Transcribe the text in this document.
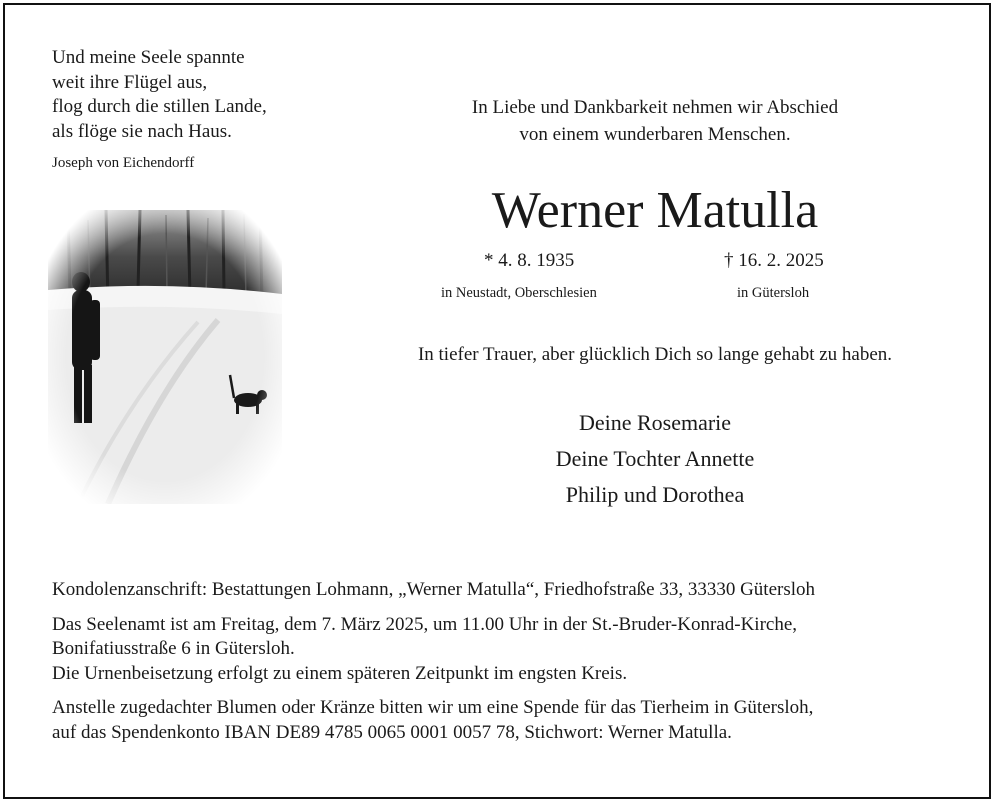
Und meine Seele spannte
weit ihre Flügel aus,
flog durch die stillen Lande,
als flöge sie nach Haus.
Joseph von Eichendorff
In Liebe und Dankbarkeit nehmen wir Abschied
von einem wunderbaren Menschen.
Werner Matulla
* 4. 8. 1935	† 16. 2. 2025
in Neustadt, Oberschlesien	in Gütersloh
In tiefer Trauer, aber glücklich Dich so lange gehabt zu haben.
Deine Rosemarie
Deine Tochter Annette
Philip und Dorothea

Kondolenzanschrift: Bestattungen Lohmann, „Werner Matulla“, Friedhofstraße 33, 33330 Gütersloh

Das Seelenamt ist am Freitag, dem 7. März 2025, um 11.00 Uhr in der St.-Bruder-Konrad-Kirche,
Bonifatiusstraße 6 in Gütersloh.
Die Urnenbeisetzung erfolgt zu einem späteren Zeitpunkt im engsten Kreis.

Anstelle zugedachter Blumen oder Kränze bitten wir um eine Spende für das Tierheim in Gütersloh,
auf das Spendenkonto IBAN DE89 4785 0065 0001 0057 78, Stichwort: Werner Matulla.
